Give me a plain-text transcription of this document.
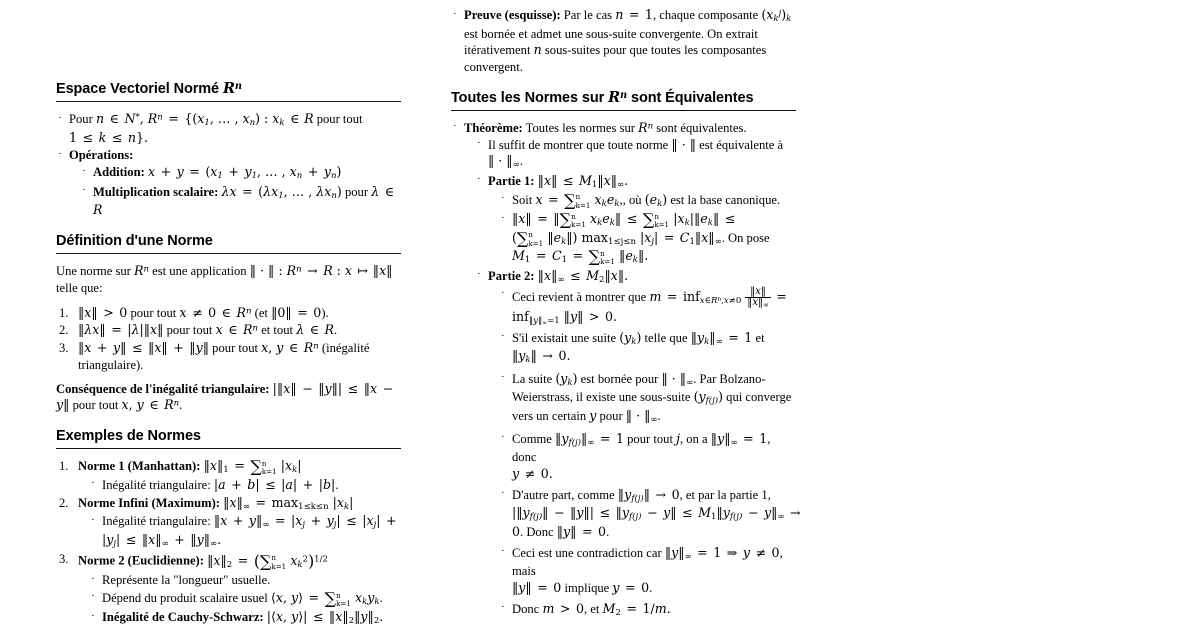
Espace Vectoriel Normé $R^n$
· Pour n ∈ N*, $R^n = \{(x_1$, … , $x_n$) : $x_k$ ∈ R pour tout 1 ≤ k ≤ n}.
· Opérations:
· Addition: $x + y = (x_1 + y_1$, … , $x_n + y_n$)
· Multiplication scalaire: $\lambda x = (\lambda x_1$, … , $\lambda x_n$) pour λ ∈ R
Définition d'une Norme

Une norme sur $R^n$ est une application ‖ · ‖ : $R^n \to R$ : x ↦ ‖x‖ telle que:

‖x‖ > 0 pour tout x ≠ 0 ∈ $R^n$ (et ‖0‖ = 0).
‖λx‖ = |λ|‖x‖ pour tout x ∈ $R^n$ et tout λ ∈ R.
‖x + y‖ ≤ ‖x‖ + ‖y‖ pour tout x, y ∈ $R^n$ (inégalité triangulaire).

Conséquence de l'inégalité triangulaire: |‖x‖ − ‖y‖| ≤ ‖x − y‖ pour tout x, y ∈ $R^n$.

Exemples de Normes
Norme 1 (Manhattan): $‖x‖_1$ = ∑ n
k=1 $|x_k|$
· Inégalité triangulaire: |a + b| ≤ |a| + |b|.
Norme Infini (Maximum): $‖x‖_\infty = \max_{1\le k\le n} |x_k|$
· Inégalité triangulaire: ‖x + $y‖_\infty = |x_j + y_j| \le |x_j| + |y_j|$ ≤ $‖x‖_\infty$ + $‖y‖_\infty$.
Norme 2 (Euclidienne): $‖x‖_2$ = (∑ n
k=1 $x_k^2)^{1/2}$
· Représente la "longueur" usuelle.
· Dépend du produit scalaire usuel ⟨x, y⟩ = ∑ n
k=1 $x_ky_k$.
· Inégalité de Cauchy-Schwarz: |⟨x, y⟩| ≤ $‖x‖_2‖y‖_2$.
· Preuve (esquisse): Par le cas n = 1, chaque composante $(x_k^j)_k$ est bornée et admet une sous-suite convergente. On extrait itérativement n sous-suites pour que toutes les composantes convergent.
Toutes les Normes sur $R^n$ sont Équivalentes
· Théorème: Toutes les normes sur $R^n$ sont équivalentes.
· Il suffit de montrer que toute norme ‖ · ‖ est équivalente à
‖ · $‖_\infty$.
· Partie 1: ‖x‖ ≤ $M_1‖x‖_\infty$.
· Soit x = ∑ n
k=1 $x_ke_k$,, où $(e_k)$ est la base canonique.
· ‖x‖ = ‖∑ n
k=1 $x_ke_k‖$ ≤ ∑ n
k=1 $|x_k|‖e_k‖$ ≤
(∑ n
k=1 $‖e_k‖$) $\max_{1\le j\le n} |x_j|$ = $C_1‖x‖_\infty$. On pose
$M_1 = C_1$ = ∑ n
k=1 $‖e_k‖$.
· Partie 2: $‖x‖_\infty$ ≤ $M_2‖x‖$.
· Ceci revient à montrer que $m = inf_{x\in R^n,x\ne 0} \frac{‖x‖}{‖x‖_\infty}$ =
inf$_{‖y‖_\infty=1}$ ‖y‖ > 0.
· S'il existait une suite $(y_k)$ telle que $‖y_k‖_\infty = 1$ et
$‖y_k‖ \to 0$.
· La suite $(y_k)$ est bornée pour ‖ · $‖_\infty$. Par Bolzano-Weierstrass, il existe une sous-suite $(y_{f(j)})$ qui converge vers un certain y pour ‖ · $‖_\infty$.
· Comme $‖y_{f(j)}‖_\infty = 1$ pour tout j, on a $‖y‖_\infty = 1$, donc
y ≠ 0.
· D'autre part, comme $‖y_{f(j)}‖ \to 0$, et par la partie 1,
$|‖y_{f(j)}‖$ − ‖y‖| ≤ $‖y_{f(j)}$ − y‖ ≤ $M_1‖y_{f(j)}$ − $y‖_\infty$ →
0. Donc ‖y‖ = 0.
· Ceci est une contradiction car $‖y‖_\infty = 1$ ⇒ y ≠ 0, mais
‖y‖ = 0 implique y = 0.
· Donc m > 0, et $M_2 = 1/m$.
